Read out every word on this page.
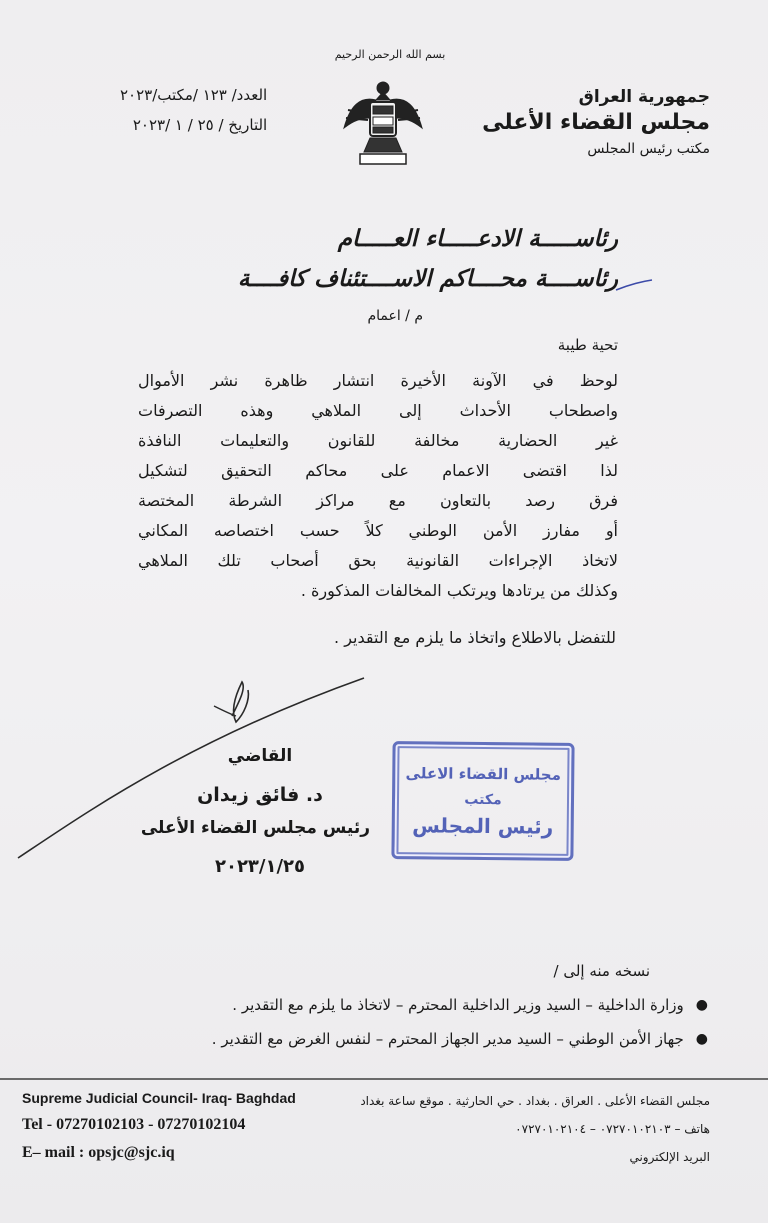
بسم الله الرحمن الرحيم
جمهورية العراق
مجلس القضاء الأعلى
مكتب رئيس المجلس
العدد/ ١٢٣ /مكتب/٢٠٢٣
التاريخ / ٢٥ / ١ /٢٠٢٣
رئاســـــة الادعـــــاء العـــــام
رئاســــة محــــاكم الاســــتئناف كافــــة
م / اعمام
تحية طيبة

لوحظ في الآونة الأخيرة انتشار ظاهرة نشر الأموال

واصطحاب الأحداث إلى الملاهي وهذه التصرفات

غير الحضارية مخالفة للقانون والتعليمات النافذة

لذا اقتضى الاعمام على محاكم التحقيق لتشكيل

فرق رصد بالتعاون مع مراكز الشرطة المختصة

أو مفارز الأمن الوطني كلاً حسب اختصاصه المكاني

لاتخاذ الإجراءات القانونية بحق أصحاب تلك الملاهي

وكذلك من يرتادها ويرتكب المخالفات المذكورة .

للتفضل بالاطلاع واتخاذ ما يلزم مع التقدير .
القاضي
د. فائق زيدان
رئيس مجلس القضاء الأعلى
٢٠٢٣/١/٢٥
مجلس القضاء الاعلى
مكتب
رئيس المجلس
نسخه منه إلى /
●
وزارة الداخلية – السيد وزير الداخلية المحترم – لاتخاذ ما يلزم مع التقدير .
●
جهاز الأمن الوطني – السيد مدير الجهاز المحترم – لنفس الغرض مع التقدير .
Supreme Judicial Council- Iraq- Baghdad
Tel - 07270102103 - 07270102104
E– mail : opsjc@sjc.iq
مجلس القضاء الأعلى . العراق . بغداد . حي الحارثية . موقع ساعة بغداد
هاتف – ٠٧٢٧٠١٠٢١٠٣ – ٠٧٢٧٠١٠٢١٠٤
البريد الإلكتروني
